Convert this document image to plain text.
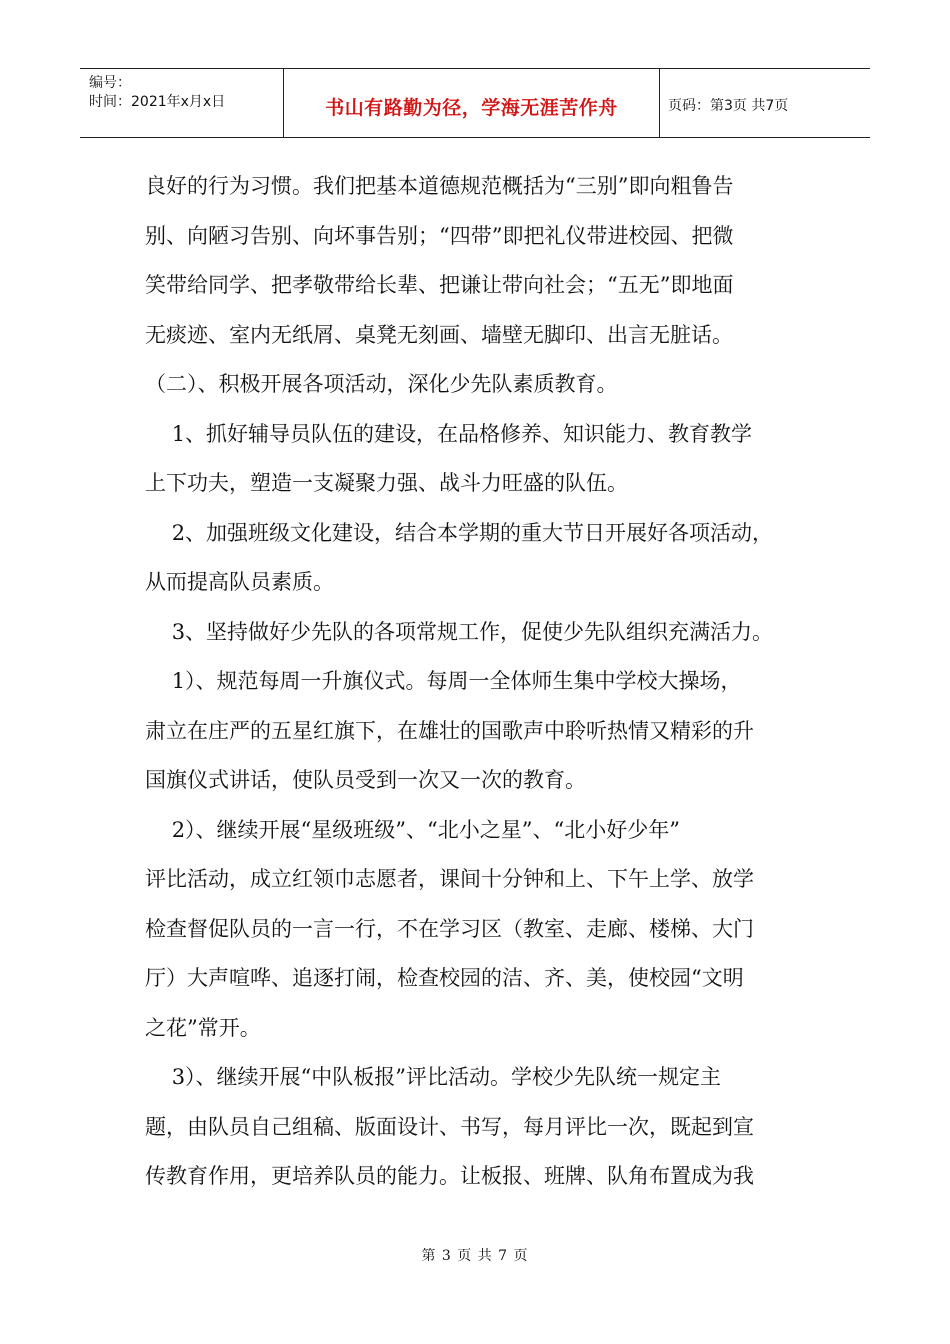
编号：
时间：2021年x月x日	书山有路勤为径，学海无涯苦作舟	页码：第3页 共7页

良好的行为习惯。我们把基本道德规范概括为“三别”即向粗鲁告

别、向陋习告别、向坏事告别；“四带”即把礼仪带进校园、把微

笑带给同学、把孝敬带给长辈、把谦让带向社会；“五无”即地面

无痰迹、室内无纸屑、桌凳无刻画、墙壁无脚印、出言无脏话。

（二）、积极开展各项活动，深化少先队素质教育。

1、抓好辅导员队伍的建设，在品格修养、知识能力、教育教学

上下功夫，塑造一支凝聚力强、战斗力旺盛的队伍。

2、加强班级文化建设，结合本学期的重大节日开展好各项活动，

从而提高队员素质。

3、坚持做好少先队的各项常规工作，促使少先队组织充满活力。

1）、规范每周一升旗仪式。每周一全体师生集中学校大操场，

肃立在庄严的五星红旗下，在雄壮的国歌声中聆听热情又精彩的升

国旗仪式讲话，使队员受到一次又一次的教育。

2）、继续开展“星级班级”、“北小之星”、“北小好少年”

评比活动，成立红领巾志愿者，课间十分钟和上、下午上学、放学

检查督促队员的一言一行，不在学习区（教室、走廊、楼梯、大门

厅）大声喧哗、追逐打闹，检查校园的洁、齐、美，使校园“文明

之花”常开。

3）、继续开展“中队板报”评比活动。学校少先队统一规定主

题，由队员自己组稿、版面设计、书写，每月评比一次，既起到宣

传教育作用，更培养队员的能力。让板报、班牌、队角布置成为我

第 3 页 共 7 页
